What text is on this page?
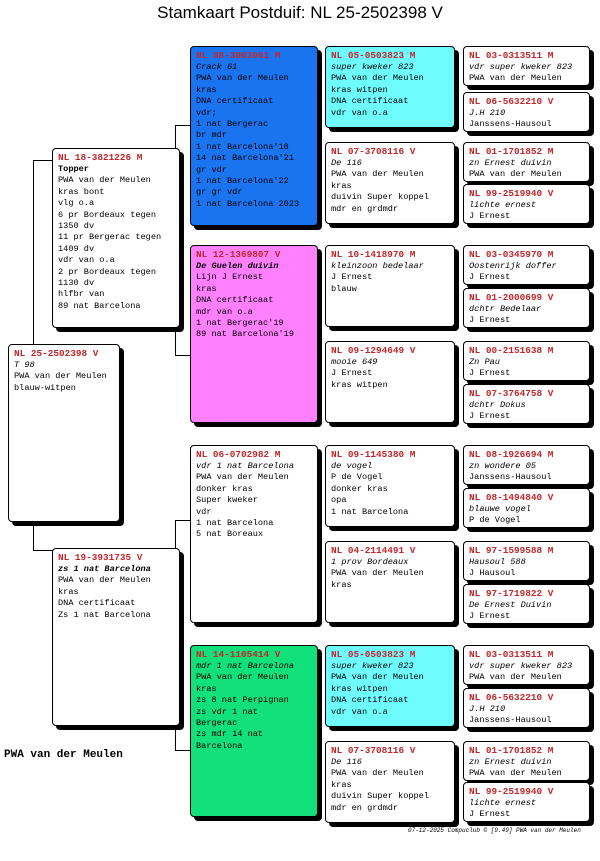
Stamkaart Postduif: NL 25-2502398 V
NL 25-2502398 V
T 98
PWA van der Meulen
blauw-witpen
NL 18-3821226 M
Topper
PWA van der Meulen
kras bont
vlg o.a
6 pr Bordeaux tegen
1350 dv
11 pr Bergerac tegen
1409 dv
vdr van o.a
2 pr Bordeaux tegen
1130 dv
hlfbr van
89 nat Barcelona
NL 19-3931735 V
zs 1 nat Barcelona
PWA van der Meulen
kras
DNA certificaat
Zs 1 nat Barcelona
NL 08-3003061 M
Crack 61
PWA van der Meulen
kras
DNA certificaat
vdr;
1 nat Bergerac
br mdr
1 nat Barcelona'18
14 nat Barcelona'21
gr vdr
1 nat Barcelona'22
gr gr vdr
1 nat Barcelona 2023
NL 12-1369807 V
De Guelen duivin
Lijn J Ernest
kras
DNA certificaat
mdr van o.a
1 nat Bergerac'19
89 nat Barcelona'19
NL 06-0702982 M
vdr 1 nat Barcelona
PWA van der Meulen
donker kras
Super kweker
vdr
1 nat Barcelona
5 nat Boreaux
NL 14-1105414 V
mdr 1 nat Barcelona
PWA van der Meulen
kras
zs 8 nat Perpignan
zs vdr 1 nat
Bergerac
zs mdr 14 nat
Barcelona
NL 05-0503823 M
super kweker 823
PWA van der Meulen
kras witpen
DNA certificaat
vdr van o.a
NL 07-3708116 V
De 116
PWA van der Meulen
kras
duivin Super koppel
mdr en grdmdr
NL 10-1418970 M
kleinzoon bedelaar
J Ernest
blauw
NL 09-1294649 V
mooie 649
J Ernest
kras witpen
NL 09-1145380 M
de vogel
P de Vogel
donker kras
opa
1 nat Barcelona
NL 04-2114491 V
1 prov Bordeaux
PWA van der Meulen
kras
NL 05-0503823 M
super kweker 823
PWA van der Meulen
kras witpen
DNA certificaat
vdr van o.a
NL 07-3708116 V
De 116
PWA van der Meulen
kras
duivin Super koppel
mdr en grdmdr
NL 03-0313511 M
vdr super kweker 823
PWA van der Meulen
NL 06-5632210 V
J.H 210
Janssens-Hausoul
NL 01-1701852 M
zn Ernest duivin
PWA van der Meulen
NL 99-2519940 V
lichte ernest
J Ernest
NL 03-0345970 M
Oostenrijk doffer
J Ernest
NL 01-2000699 V
dchtr Bedelaar
J Ernest
NL 00-2151638 M
Zn Pau
J Ernest
NL 07-3764758 V
dchtr Dokus
J Ernest
NL 08-1926694 M
zn wondere 05
Janssens-Hausoul
NL 08-1494840 V
blauwe vogel
P de Vogel
NL 97-1599588 M
Hausoul 588
J Hausoul
NL 97-1719822 V
De Ernest Duivin
J Ernest
NL 03-0313511 M
vdr super kweker 823
PWA van der Meulen
NL 06-5632210 V
J.H 210
Janssens-Hausoul
NL 01-1701852 M
zn Ernest duivin
PWA van der Meulen
NL 99-2519940 V
lichte ernest
J Ernest
PWA van der Meulen
07-12-2025 Compuclub © [9.49] PWA van der Meulen
